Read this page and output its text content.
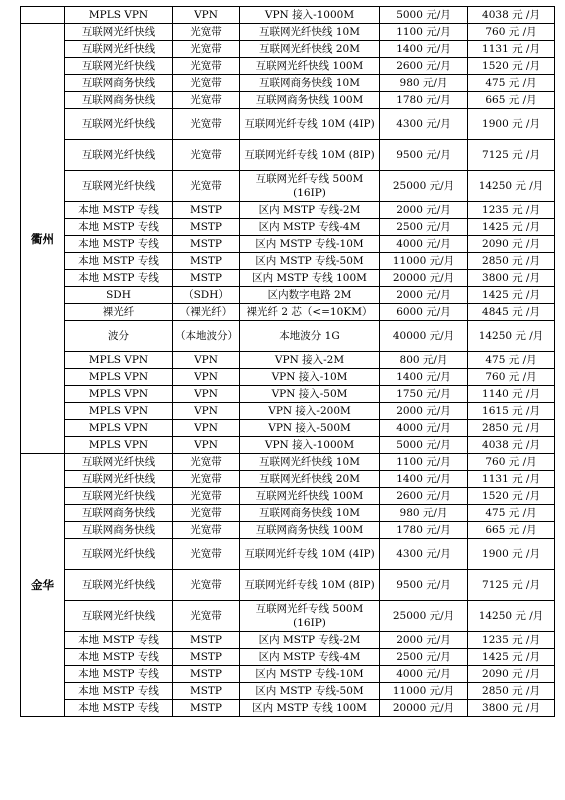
	MPLS VPN	VPN	VPN 接入-1000M	5000 元/月	4038 元 /月
衢州	互联网光纤快线	光宽带	互联网光纤快线 10M	1100 元/月	760 元 /月
	互联网光纤快线	光宽带	互联网光纤快线 20M	1400 元/月	1131 元 /月
	互联网光纤快线	光宽带	互联网光纤快线 100M	2600 元/月	1520 元 /月
	互联网商务快线	光宽带	互联网商务快线 10M	980 元/月	475 元 /月
	互联网商务快线	光宽带	互联网商务快线 100M	1780 元/月	665 元 /月
	互联网光纤快线	光宽带	互联网光纤专线 10M (4IP)	4300 元/月	1900 元 /月
	互联网光纤快线	光宽带	互联网光纤专线 10M (8IP)	9500 元/月	7125 元 /月
	互联网光纤快线	光宽带	互联网光纤专线 500M (16IP)	25000 元/月	14250 元 /月
	本地 MSTP 专线	MSTP	区内 MSTP 专线-2M	2000 元/月	1235 元 /月
	本地 MSTP 专线	MSTP	区内 MSTP 专线-4M	2500 元/月	1425 元 /月
	本地 MSTP 专线	MSTP	区内 MSTP 专线-10M	4000 元/月	2090 元 /月
	本地 MSTP 专线	MSTP	区内 MSTP 专线-50M	11000 元/月	2850 元 /月
	本地 MSTP 专线	MSTP	区内 MSTP 专线 100M	20000 元/月	3800 元 /月
	SDH	（SDH）	区内数字电路 2M	2000 元/月	1425 元 /月
	裸光纤	（裸光纤）	裸光纤 2 芯（<=10KM）	6000 元/月	4845 元 /月
	波分	（本地波分）	本地波分 1G	40000 元/月	14250 元 /月
	MPLS VPN	VPN	VPN 接入-2M	800 元/月	475 元 /月
	MPLS VPN	VPN	VPN 接入-10M	1400 元/月	760 元 /月
	MPLS VPN	VPN	VPN 接入-50M	1750 元/月	1140 元 /月
	MPLS VPN	VPN	VPN 接入-200M	2000 元/月	1615 元 /月
	MPLS VPN	VPN	VPN 接入-500M	4000 元/月	2850 元 /月
	MPLS VPN	VPN	VPN 接入-1000M	5000 元/月	4038 元 /月
金华	互联网光纤快线	光宽带	互联网光纤快线 10M	1100 元/月	760 元 /月
	互联网光纤快线	光宽带	互联网光纤快线 20M	1400 元/月	1131 元 /月
	互联网光纤快线	光宽带	互联网光纤快线 100M	2600 元/月	1520 元 /月
	互联网商务快线	光宽带	互联网商务快线 10M	980 元/月	475 元 /月
	互联网商务快线	光宽带	互联网商务快线 100M	1780 元/月	665 元 /月
	互联网光纤快线	光宽带	互联网光纤专线 10M (4IP)	4300 元/月	1900 元 /月
	互联网光纤快线	光宽带	互联网光纤专线 10M (8IP)	9500 元/月	7125 元 /月
	互联网光纤快线	光宽带	互联网光纤专线 500M (16IP)	25000 元/月	14250 元 /月
	本地 MSTP 专线	MSTP	区内 MSTP 专线-2M	2000 元/月	1235 元 /月
	本地 MSTP 专线	MSTP	区内 MSTP 专线-4M	2500 元/月	1425 元 /月
	本地 MSTP 专线	MSTP	区内 MSTP 专线-10M	4000 元/月	2090 元 /月
	本地 MSTP 专线	MSTP	区内 MSTP 专线-50M	11000 元/月	2850 元 /月
	本地 MSTP 专线	MSTP	区内 MSTP 专线 100M	20000 元/月	3800 元 /月
